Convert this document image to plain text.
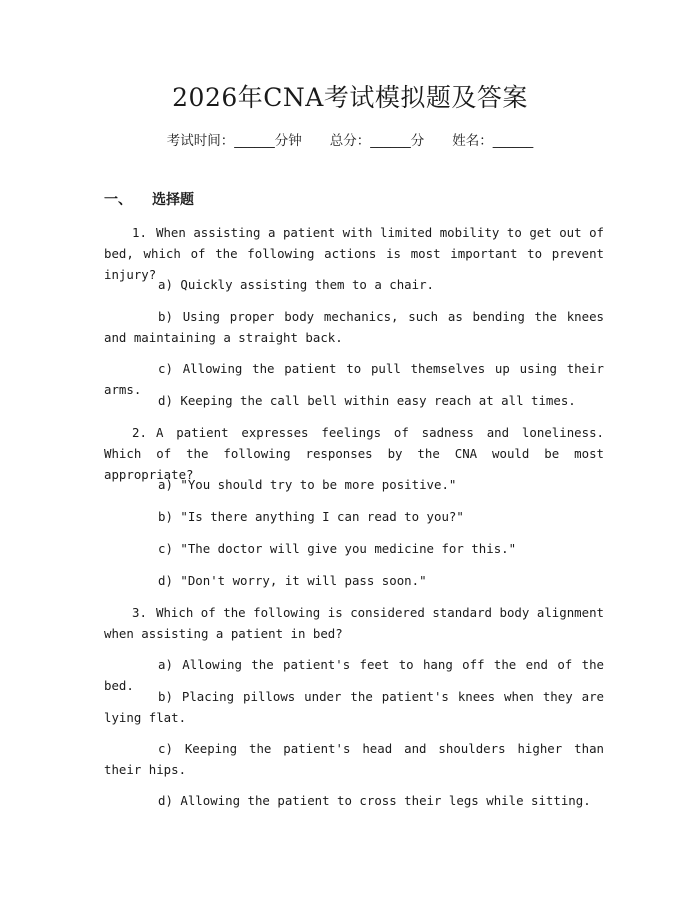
2026年CNA考试模拟题及答案
考试时间：______分钟 总分：______分 姓名：______
一、 选择题
1. When assisting a patient with limited mobility to get out of bed, which of the following actions is most important to prevent injury?
a) Quickly assisting them to a chair.
b) Using proper body mechanics, such as bending the knees and maintaining a straight back.
c) Allowing the patient to pull themselves up using their arms.
d) Keeping the call bell within easy reach at all times.
2. A patient expresses feelings of sadness and loneliness. Which of the following responses by the CNA would be most appropriate?
a) "You should try to be more positive."
b) "Is there anything I can read to you?"
c) "The doctor will give you medicine for this."
d) "Don't worry, it will pass soon."
3. Which of the following is considered standard body alignment when assisting a patient in bed?
a) Allowing the patient's feet to hang off the end of the bed.
b) Placing pillows under the patient's knees when they are lying flat.
c) Keeping the patient's head and shoulders higher than their hips.
d) Allowing the patient to cross their legs while sitting.
